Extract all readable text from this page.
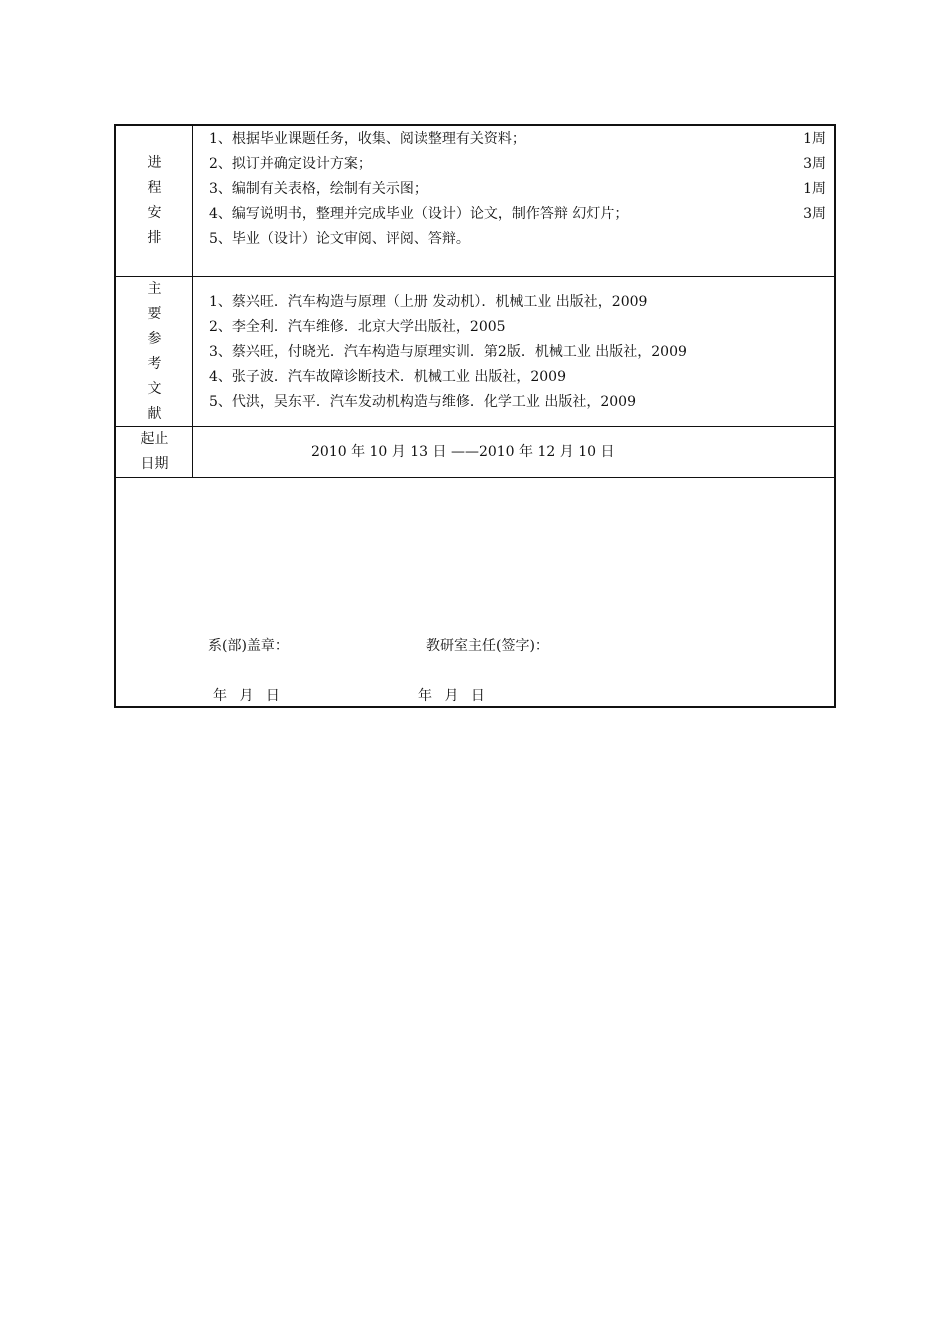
进
程
安
排
1、根据毕业课题任务，收集、阅读整理有关资料；	1周
2、拟订并确定设计方案；	3周
3、编制有关表格，绘制有关示图；	1周
4、编写说明书，整理并完成毕业（设计）论文，制作答辩 幻灯片；	3周
5、毕业（设计）论文审阅、评阅、答辩。
主
要
参
考
文
献
1、蔡兴旺．汽车构造与原理（上册 发动机）．机械工业 出版社，2009
2、李全利．汽车维修．北京大学出版社，2005
3、蔡兴旺，付晓光．汽车构造与原理实训．第2版．机械工业 出版社，2009
4、张子波．汽车故障诊断技术．机械工业 出版社，2009
5、代洪，吴东平．汽车发动机构造与维修．化学工业 出版社，2009
起止
日期
2010 年 10 月 13 日 ——2010 年 12 月 10 日
系(部)盖章：	教研室主任(签字)：
年 月 日	年 月 日
